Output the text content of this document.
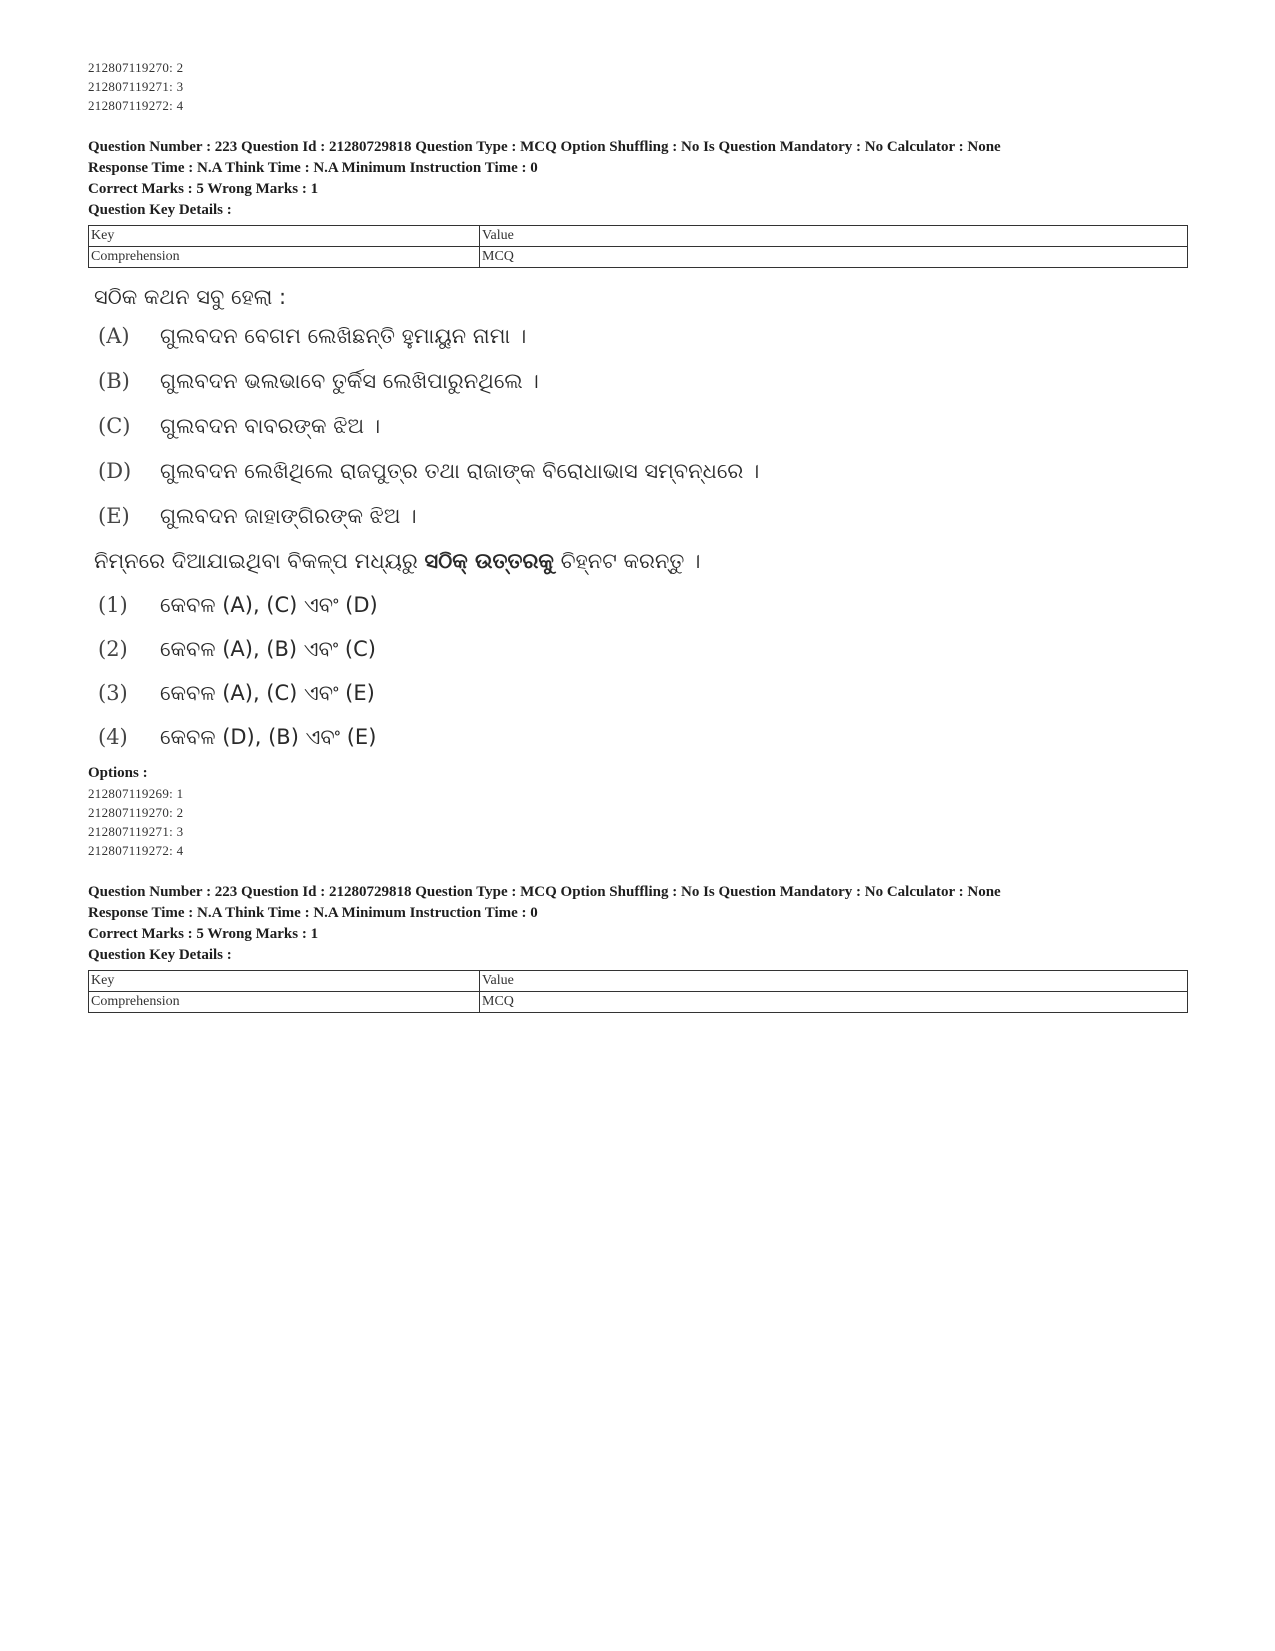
212807119270: 2
212807119271: 3
212807119272: 4
Question Number : 223 Question Id : 21280729818 Question Type : MCQ Option Shuffling : No Is Question Mandatory : No Calculator : None
Response Time : N.A Think Time : N.A Minimum Instruction Time : 0
Correct Marks : 5 Wrong Marks : 1
Question Key Details :
Key	Value
Comprehension	MCQ
ସଠିକ କଥନ ସବୁ ହେଲା :
(A)	ଗୁଲବଦନ ବେଗମ ଲେଖିଛନ୍ତି ହୁମାୟୁନ ନାମା ।
(B)	ଗୁଲବଦନ ଭଲଭାବେ ତୁର୍କିସ ଲେଖିପାରୁନଥିଲେ ।
(C)	ଗୁଲବଦନ ବାବରଙ୍କ ଝିଅ ।
(D)	ଗୁଲବଦନ ଲେଖିଥିଲେ ରାଜପୁତ୍ର ତଥା ରାଜାଙ୍କ ବିରୋଧାଭାସ ସମ୍ବନ୍ଧରେ ।
(E)	ଗୁଲବଦନ ଜାହାଙ୍ଗିରଙ୍କ ଝିଅ ।
ନିମ୍ନରେ ଦିଆଯାଇଥିବା ବିକଳ୍ପ ମଧ୍ୟରୁ ସଠିକ୍ ଉତ୍ତରକୁ ଚିହ୍ନଟ କରନ୍ତୁ ।
(1)	କେବଳ (A), (C) ଏବଂ (D)
(2)	କେବଳ (A), (B) ଏବଂ (C)
(3)	କେବଳ (A), (C) ଏବଂ (E)
(4)	କେବଳ (D), (B) ଏବଂ (E)
Options :
212807119269: 1
212807119270: 2
212807119271: 3
212807119272: 4
Question Number : 223 Question Id : 21280729818 Question Type : MCQ Option Shuffling : No Is Question Mandatory : No Calculator : None
Response Time : N.A Think Time : N.A Minimum Instruction Time : 0
Correct Marks : 5 Wrong Marks : 1
Question Key Details :
Key	Value
Comprehension	MCQ
